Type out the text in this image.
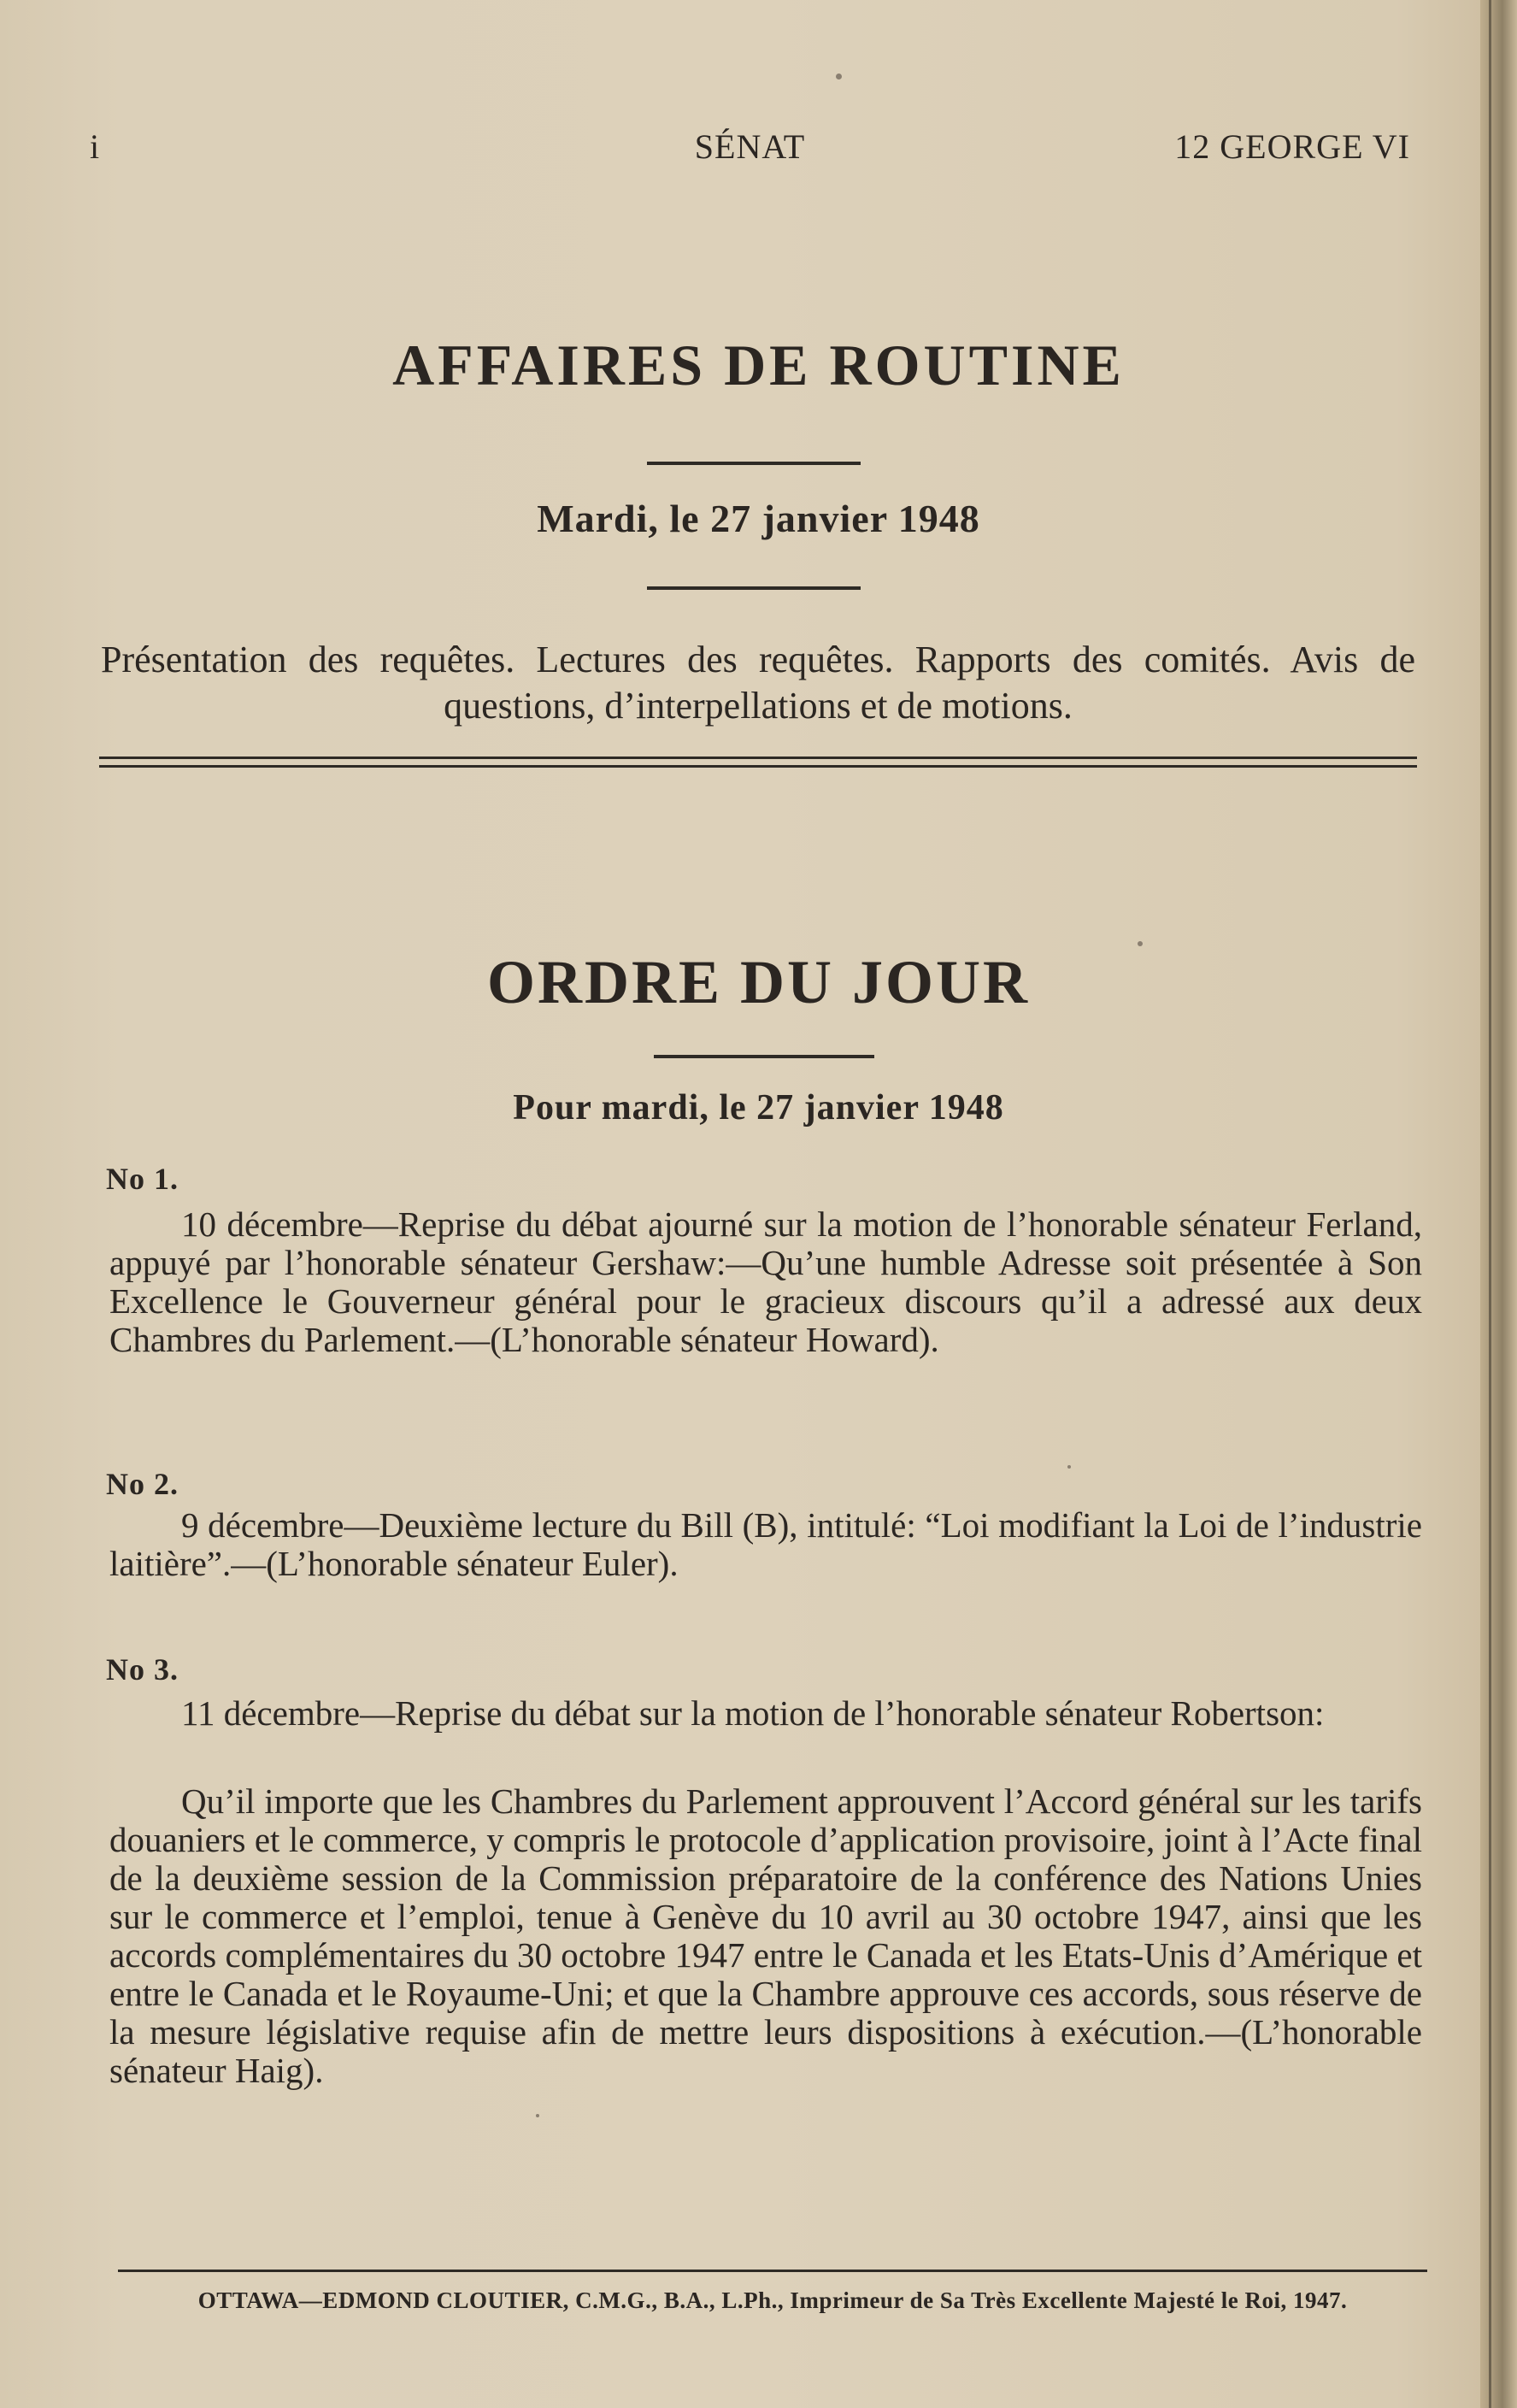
i	SÉNAT	12 GEORGE VI
AFFAIRES DE ROUTINE
Mardi, le 27 janvier 1948
Présentation des requêtes. Lectures des requêtes. Rapports des comités. Avis de questions, d’interpellations et de motions.
ORDRE DU JOUR
Pour mardi, le 27 janvier 1948
No 1.
10 décembre—Reprise du débat ajourné sur la motion de l’honorable sénateur Ferland, appuyé par l’honorable sénateur Gershaw:—Qu’une humble Adresse soit présentée à Son Excellence le Gouverneur général pour le gracieux discours qu’il a adressé aux deux Chambres du Parlement.—(L’honorable sénateur Howard).
No 2.
9 décembre—Deuxième lecture du Bill (B), intitulé: “Loi modifiant la Loi de l’industrie laitière”.—(L’honorable sénateur Euler).
No 3.
11 décembre—Reprise du débat sur la motion de l’honorable sénateur Robertson:
Qu’il importe que les Chambres du Parlement approuvent l’Accord général sur les tarifs douaniers et le commerce, y compris le protocole d’application provisoire, joint à l’Acte final de la deuxième session de la Commission préparatoire de la conférence des Nations Unies sur le commerce et l’emploi, tenue à Genève du 10 avril au 30 octobre 1947, ainsi que les accords complémentaires du 30 octobre 1947 entre le Canada et les Etats-Unis d’Amérique et entre le Canada et le Royaume-Uni; et que la Chambre approuve ces accords, sous réserve de la mesure législative requise afin de mettre leurs dispositions à exécution.—(L’honorable sénateur Haig).
OTTAWA—EDMOND CLOUTIER, C.M.G., B.A., L.Ph., Imprimeur de Sa Très Excellente Majesté le Roi, 1947.
